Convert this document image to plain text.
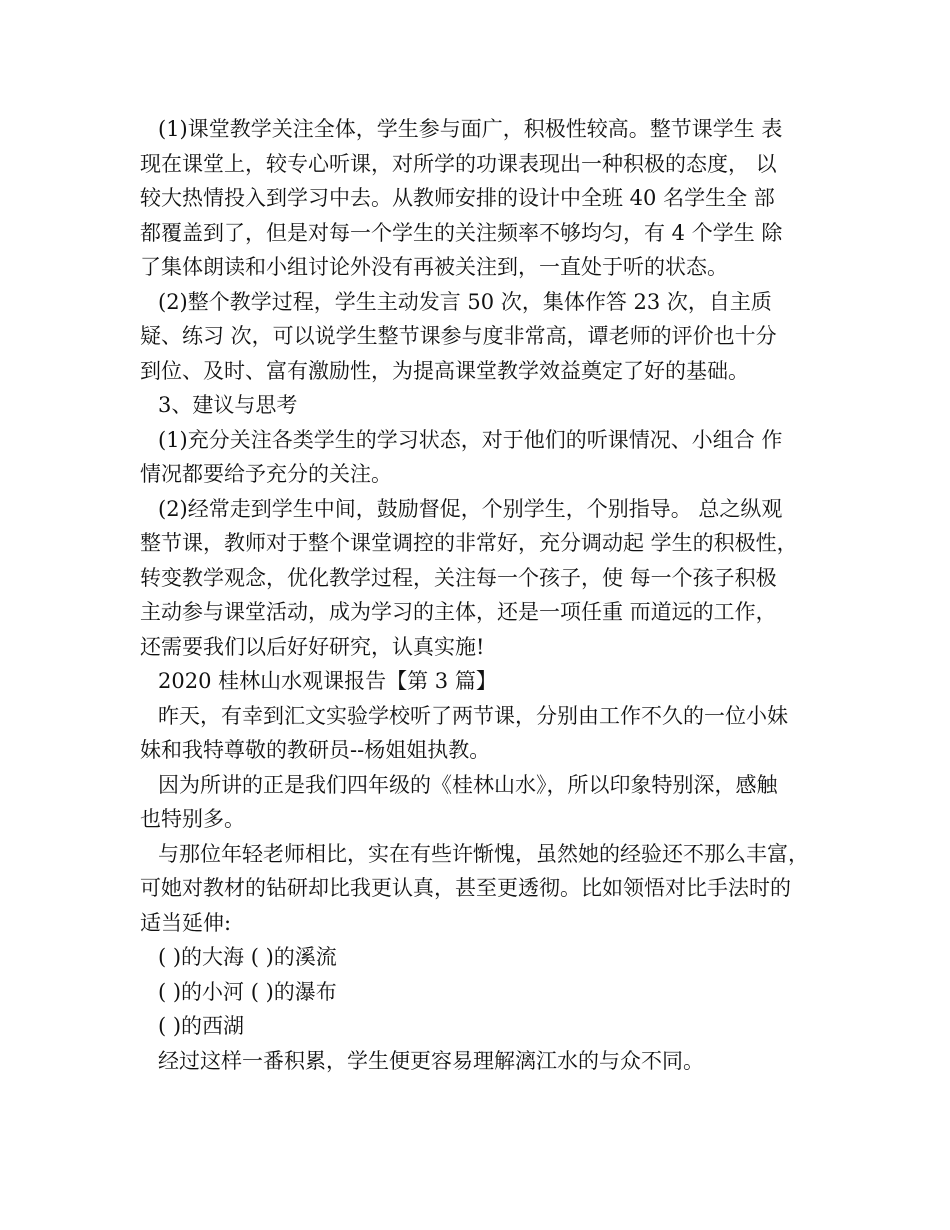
(1)课堂教学关注全体，学生参与面广，积极性较高。整节课学生 表
现在课堂上，较专心听课，对所学的功课表现出一种积极的态度， 以
较大热情投入到学习中去。从教师安排的设计中全班 40 名学生全 部
都覆盖到了，但是对每一个学生的关注频率不够均匀，有 4 个学生 除
了集体朗读和小组讨论外没有再被关注到，一直处于听的状态。
(2)整个教学过程，学生主动发言 50 次，集体作答 23 次，自主质
疑、练习 次，可以说学生整节课参与度非常高，谭老师的评价也十分
到位、及时、富有激励性，为提高课堂教学效益奠定了好的基础。
3、建议与思考
(1)充分关注各类学生的学习状态，对于他们的听课情况、小组合 作
情况都要给予充分的关注。
(2)经常走到学生中间，鼓励督促，个别学生，个别指导。 总之纵观
整节课，教师对于整个课堂调控的非常好，充分调动起 学生的积极性，
转变教学观念，优化教学过程，关注每一个孩子，使 每一个孩子积极
主动参与课堂活动，成为学习的主体，还是一项任重 而道远的工作，
还需要我们以后好好研究，认真实施!
2020 桂林山水观课报告【第 3 篇】
昨天，有幸到汇文实验学校听了两节课，分别由工作不久的一位小妹
妹和我特尊敬的教研员--杨姐姐执教。
因为所讲的正是我们四年级的《桂林山水》，所以印象特别深，感触
也特别多。
与那位年轻老师相比，实在有些许惭愧，虽然她的经验还不那么丰富，
可她对教材的钻研却比我更认真，甚至更透彻。比如领悟对比手法时的
适当延伸:
( )的大海 ( )的溪流
( )的小河 ( )的瀑布
( )的西湖
经过这样一番积累，学生便更容易理解漓江水的与众不同。
